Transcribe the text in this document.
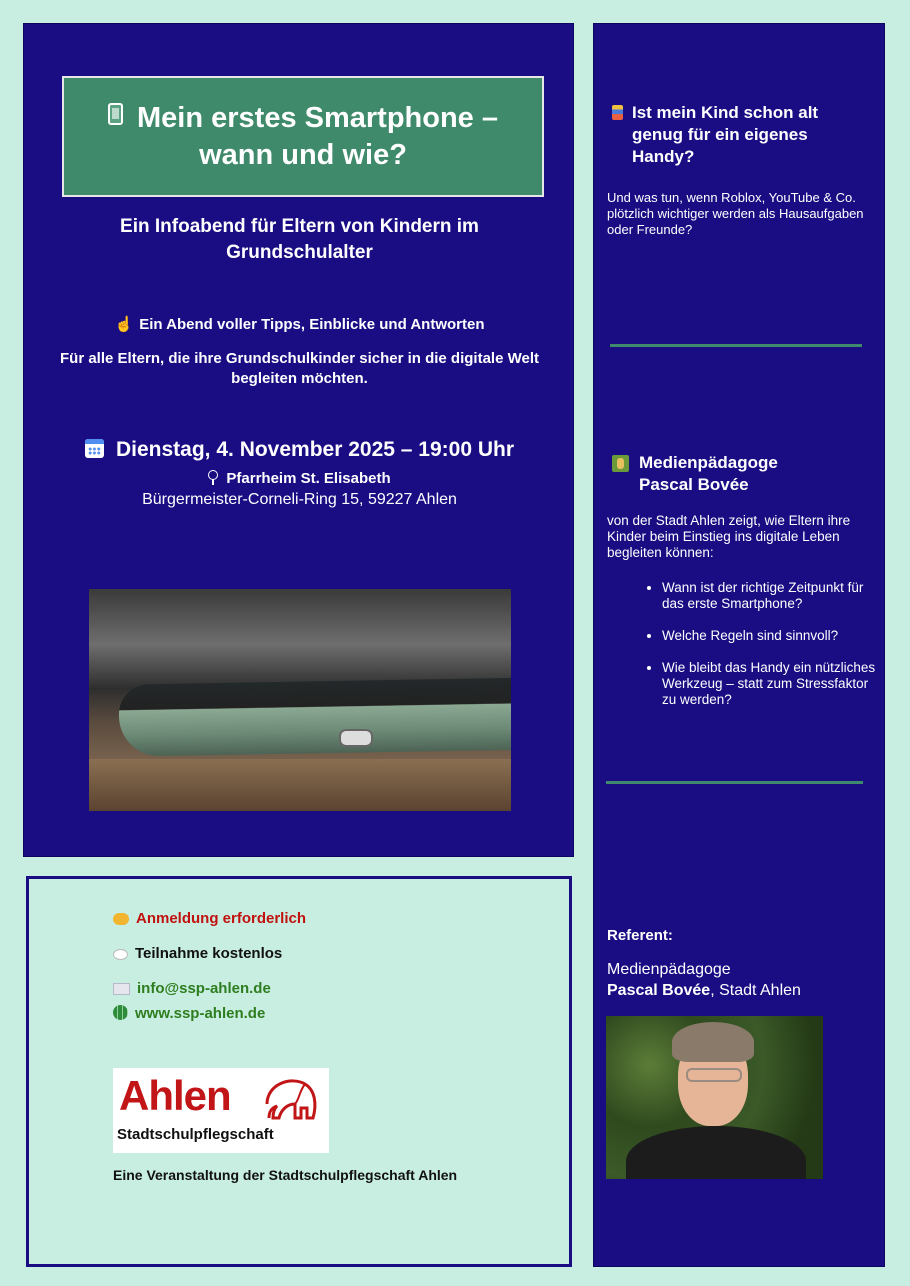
Mein erstes Smartphone – wann und wie?
Ein Infoabend für Eltern von Kindern im Grundschulalter
☝ Ein Abend voller Tipps, Einblicke und Antworten
Für alle Eltern, die ihre Grundschulkinder sicher in die digitale Welt begleiten möchten.
Dienstag, 4. November 2025 – 19:00 Uhr
Pfarrheim St. Elisabeth
Bürgermeister-Corneli-Ring 15, 59227 Ahlen
Ist mein Kind schon alt genug für ein eigenes Handy?
Und was tun, wenn Roblox, YouTube & Co. plötzlich wichtiger werden als Hausaufgaben oder Freunde?
Medienpädagoge
Pascal Bovée
von der Stadt Ahlen zeigt, wie Eltern ihre Kinder beim Einstieg ins digitale Leben begleiten können:
• Wann ist der richtige Zeitpunkt für das erste Smartphone?
• Welche Regeln sind sinnvoll?
• Wie bleibt das Handy ein nützliches Werkzeug – statt zum Stressfaktor zu werden?
Referent:
Medienpädagoge
Pascal Bovée, Stadt Ahlen
Anmeldung erforderlich
Teilnahme kostenlos
info@ssp-ahlen.de
www.ssp-ahlen.de
Ahlen
Stadtschulpflegschaft
Eine Veranstaltung der Stadtschulpflegschaft Ahlen
